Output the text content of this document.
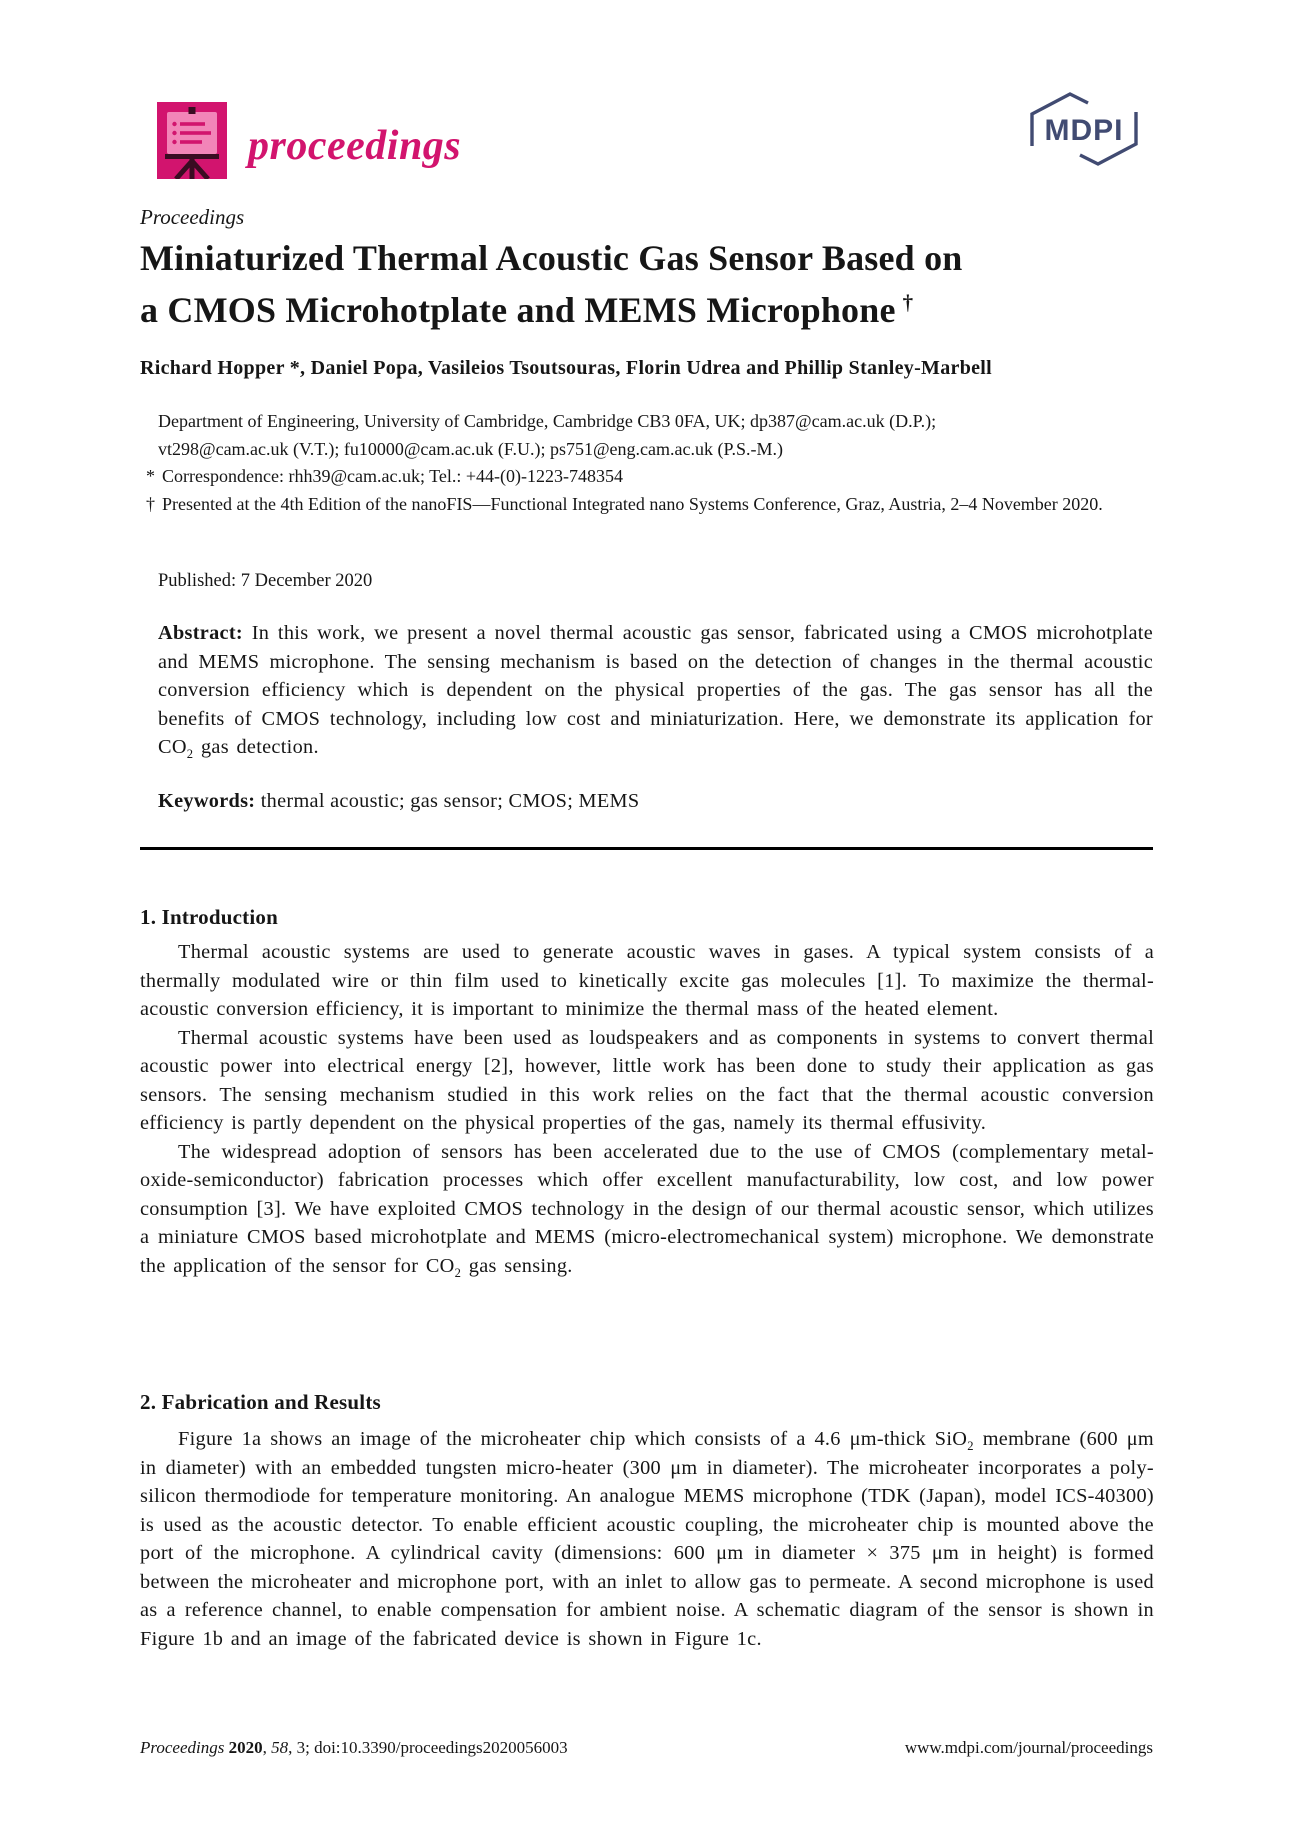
proceedings	MDPI
Proceedings
Miniaturized Thermal Acoustic Gas Sensor Based on
a CMOS Microhotplate and MEMS Microphone †
Richard Hopper *, Daniel Popa, Vasileios Tsoutsouras, Florin Udrea and Phillip Stanley-Marbell
Department of Engineering, University of Cambridge, Cambridge CB3 0FA, UK; dp387@cam.ac.uk (D.P.);
vt298@cam.ac.uk (V.T.); fu10000@cam.ac.uk (F.U.); ps751@eng.cam.ac.uk (P.S.-M.)
* Correspondence: rhh39@cam.ac.uk; Tel.: +44-(0)-1223-748354
† Presented at the 4th Edition of the nanoFIS—Functional Integrated nano Systems Conference, Graz, Austria, 2–4 November 2020.
Published: 7 December 2020
Abstract: In this work, we present a novel thermal acoustic gas sensor, fabricated using a CMOS microhotplate and MEMS microphone. The sensing mechanism is based on the detection of changes in the thermal acoustic conversion efficiency which is dependent on the physical properties of the gas. The gas sensor has all the benefits of CMOS technology, including low cost and miniaturization. Here, we demonstrate its application for $CO_2$ gas detection.
Keywords: thermal acoustic; gas sensor; CMOS; MEMS
1. Introduction

Thermal acoustic systems are used to generate acoustic waves in gases. A typical system consists of a thermally modulated wire or thin film used to kinetically excite gas molecules [1]. To maximize the thermal-acoustic conversion efficiency, it is important to minimize the thermal mass of the heated element.

Thermal acoustic systems have been used as loudspeakers and as components in systems to convert thermal acoustic power into electrical energy [2], however, little work has been done to study their application as gas sensors. The sensing mechanism studied in this work relies on the fact that the thermal acoustic conversion efficiency is partly dependent on the physical properties of the gas, namely its thermal effusivity.

The widespread adoption of sensors has been accelerated due to the use of CMOS (complementary metal-oxide-semiconductor) fabrication processes which offer excellent manufacturability, low cost, and low power consumption [3]. We have exploited CMOS technology in the design of our thermal acoustic sensor, which utilizes a miniature CMOS based microhotplate and MEMS (micro-electromechanical system) microphone. We demonstrate the application of the sensor for $CO_2$ gas sensing.

2. Fabrication and Results

Figure 1a shows an image of the microheater chip which consists of a 4.6 μm-thick SiO$_2$ membrane (600 μm in diameter) with an embedded tungsten micro-heater (300 μm in diameter). The microheater incorporates a poly-silicon thermodiode for temperature monitoring. An analogue MEMS microphone (TDK (Japan), model ICS-40300) is used as the acoustic detector. To enable efficient acoustic coupling, the microheater chip is mounted above the port of the microphone. A cylindrical cavity (dimensions: 600 μm in diameter × 375 μm in height) is formed between the microheater and microphone port, with an inlet to allow gas to permeate. A second microphone is used as a reference channel, to enable compensation for ambient noise. A schematic diagram of the sensor is shown in Figure 1b and an image of the fabricated device is shown in Figure 1c.

Proceedings 2020, 58, 3; doi:10.3390/proceedings2020056003	www.mdpi.com/journal/proceedings
